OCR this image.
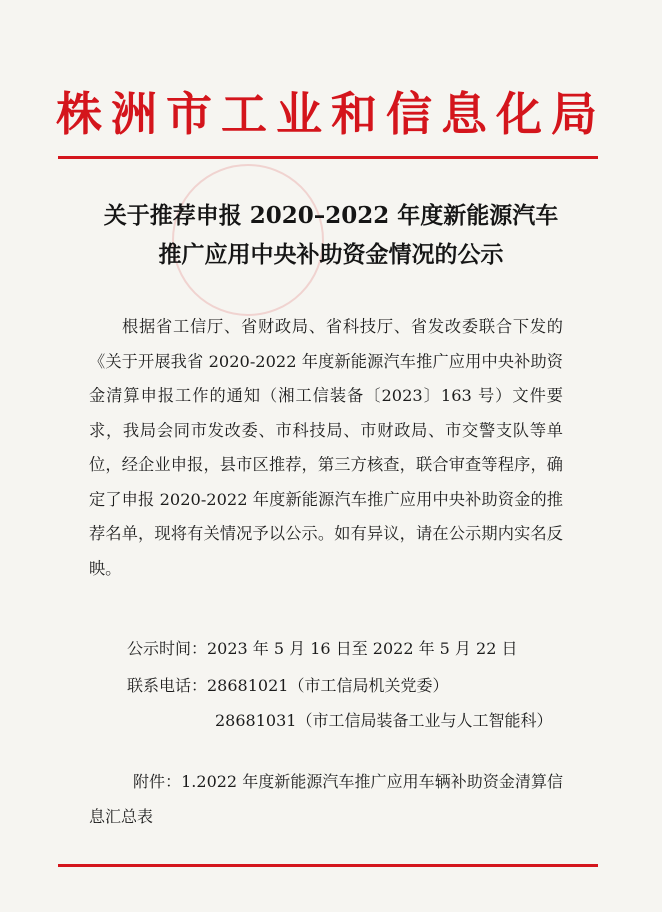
株洲市工业和信息化局
关于推荐申报 2020–2022 年度新能源汽车
推广应用中央补助资金情况的公示

根据省工信厅、省财政局、省科技厅、省发改委联合下发的《关于开展我省 2020-2022 年度新能源汽车推广应用中央补助资金清算申报工作的通知（湘工信装备〔2023〕163 号）文件要求，我局会同市发改委、市科技局、市财政局、市交警支队等单位，经企业申报，县市区推荐，第三方核查，联合审查等程序，确定了申报 2020-2022 年度新能源汽车推广应用中央补助资金的推荐名单，现将有关情况予以公示。如有异议，请在公示期内实名反映。

公示时间：2023 年 5 月 16 日至 2022 年 5 月 22 日
联系电话：28681021（市工信局机关党委）
28681031（市工信局装备工业与人工智能科）

附件：1.2022 年度新能源汽车推广应用车辆补助资金清算信息汇总表
